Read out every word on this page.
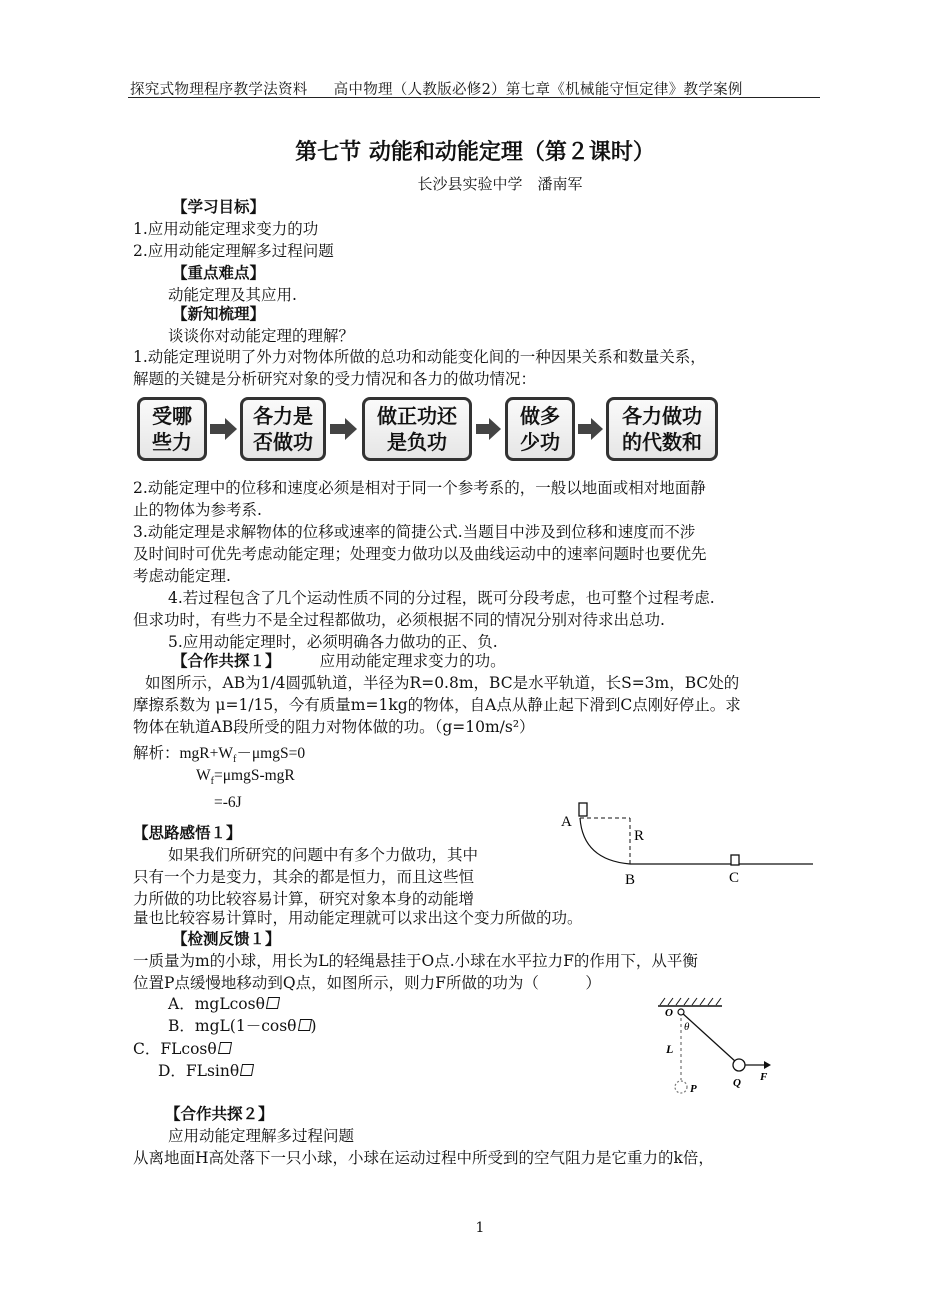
探究式物理程序教学法资料 高中物理（人教版必修2）第七章《机械能守恒定律》教学案例
第七节 动能和动能定理（第２课时）
长沙县实验中学　潘南军
【学习目标】
1.应用动能定理求变力的功
2.应用动能定理解多过程问题
【重点难点】
动能定理及其应用.
【新知梳理】
谈谈你对动能定理的理解？
1.动能定理说明了外力对物体所做的总功和动能变化间的一种因果关系和数量关系，
解题的关键是分析研究对象的受力情况和各力的做功情况：
受哪
些力
各力是
否做功
做正功还
是负功
做多
少功
各力做功
的代数和
2.动能定理中的位移和速度必须是相对于同一个参考系的，一般以地面或相对地面静
止的物体为参考系.
3.动能定理是求解物体的位移或速率的简捷公式.当题目中涉及到位移和速度而不涉
及时间时可优先考虑动能定理；处理变力做功以及曲线运动中的速率问题时也要优先
考虑动能定理.
4.若过程包含了几个运动性质不同的分过程，既可分段考虑，也可整个过程考虑.
但求功时，有些力不是全过程都做功，必须根据不同的情况分别对待求出总功.
5.应用动能定理时，必须明确各力做功的正、负.
【合作共探１】	应用动能定理求变力的功。
如图所示，AB为1/4圆弧轨道，半径为R=0.8m，BC是水平轨道，长S=3m，BC处的
摩擦系数为 μ=1/15，今有质量m=1kg的物体，自A点从静止起下滑到C点刚好停止。求
物体在轨道AB段所受的阻力对物体做的功。（g=10m/s²）
解析：$mgR+W_f-\mu mgS=0$
$W_f=\mu mgS$-mgR
=-6J
【思路感悟１】
如果我们所研究的问题中有多个力做功，其中
只有一个力是变力，其余的都是恒力，而且这些恒
力所做的功比较容易计算，研究对象本身的动能增
量也比较容易计算时，用动能定理就可以求出这个变力所做的功。
A
R
B	C
【检测反馈１】
一质量为m的小球，用长为L的轻绳悬挂于O点.小球在水平拉力F的作用下，从平衡
位置P点缓慢地移动到Q点，如图所示，则力F所做的功为（　　　）
A．mgLcosθ
B．mgL(1－cosθ )
C．FLcosθ
D．FLsinθ
O
θ
L
P	Q F
【合作共探２】
应用动能定理解多过程问题
从离地面H高处落下一只小球，小球在运动过程中所受到的空气阻力是它重力的k倍，
1
